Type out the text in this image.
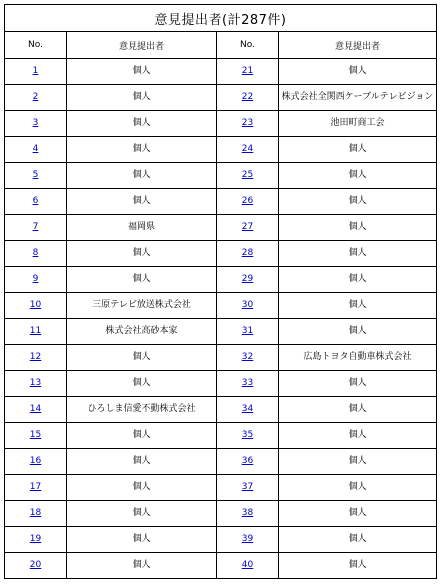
意見提出者(計287件)			
No.	意見提出者	No.	意見提出者
1	個人	21	個人
2	個人	22	株式会社全関西ケーブルテレビジョン
3	個人	23	池田町商工会
4	個人	24	個人
5	個人	25	個人
6	個人	26	個人
7	福岡県	27	個人
8	個人	28	個人
9	個人	29	個人
10	三原テレビ放送株式会社	30	個人
11	株式会社高砂本家	31	個人
12	個人	32	広島トヨタ自動車株式会社
13	個人	33	個人
14	ひろしま信愛不動株式会社	34	個人
15	個人	35	個人
16	個人	36	個人
17	個人	37	個人
18	個人	38	個人
19	個人	39	個人
20	個人	40	個人
